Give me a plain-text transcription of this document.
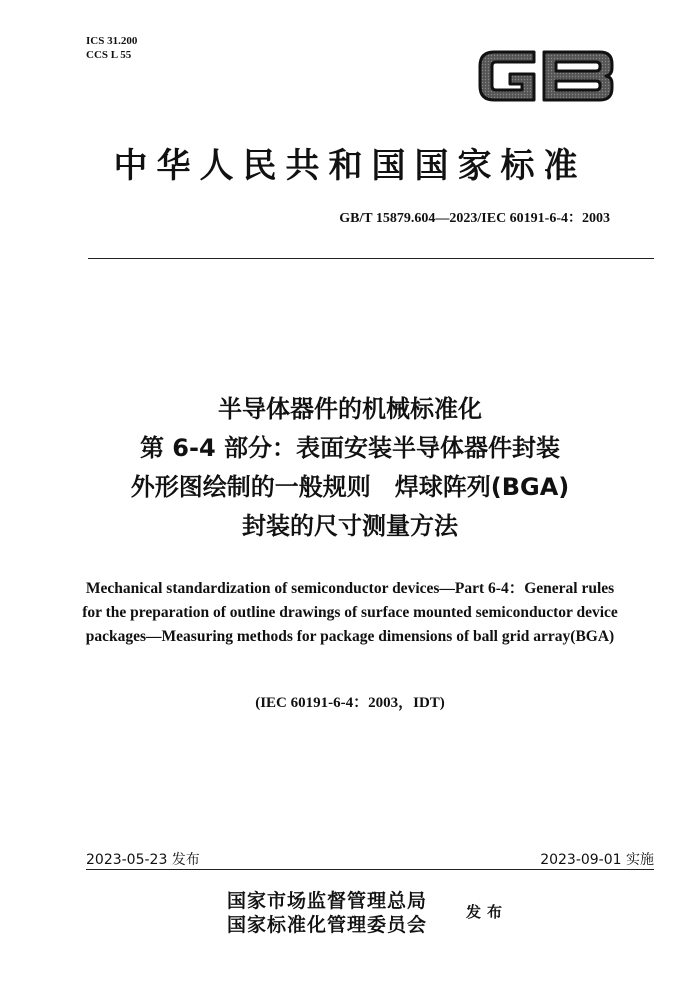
ICS 31.200
CCS L 55
中华人民共和国国家标准
GB/T 15879.604—2023/IEC 60191-6-4：2003
半导体器件的机械标准化
第 6-4 部分：表面安装半导体器件封装
外形图绘制的一般规则　焊球阵列(BGA)
封装的尺寸测量方法
Mechanical standardization of semiconductor devices—Part 6-4：General rules
for the preparation of outline drawings of surface mounted semiconductor device
packages—Measuring methods for package dimensions of ball grid array(BGA)
(IEC 60191-6-4：2003，IDT)
2023-05-23 发布	2023-09-01 实施
国家市场监督管理总局
国家标准化管理委员会
发布
